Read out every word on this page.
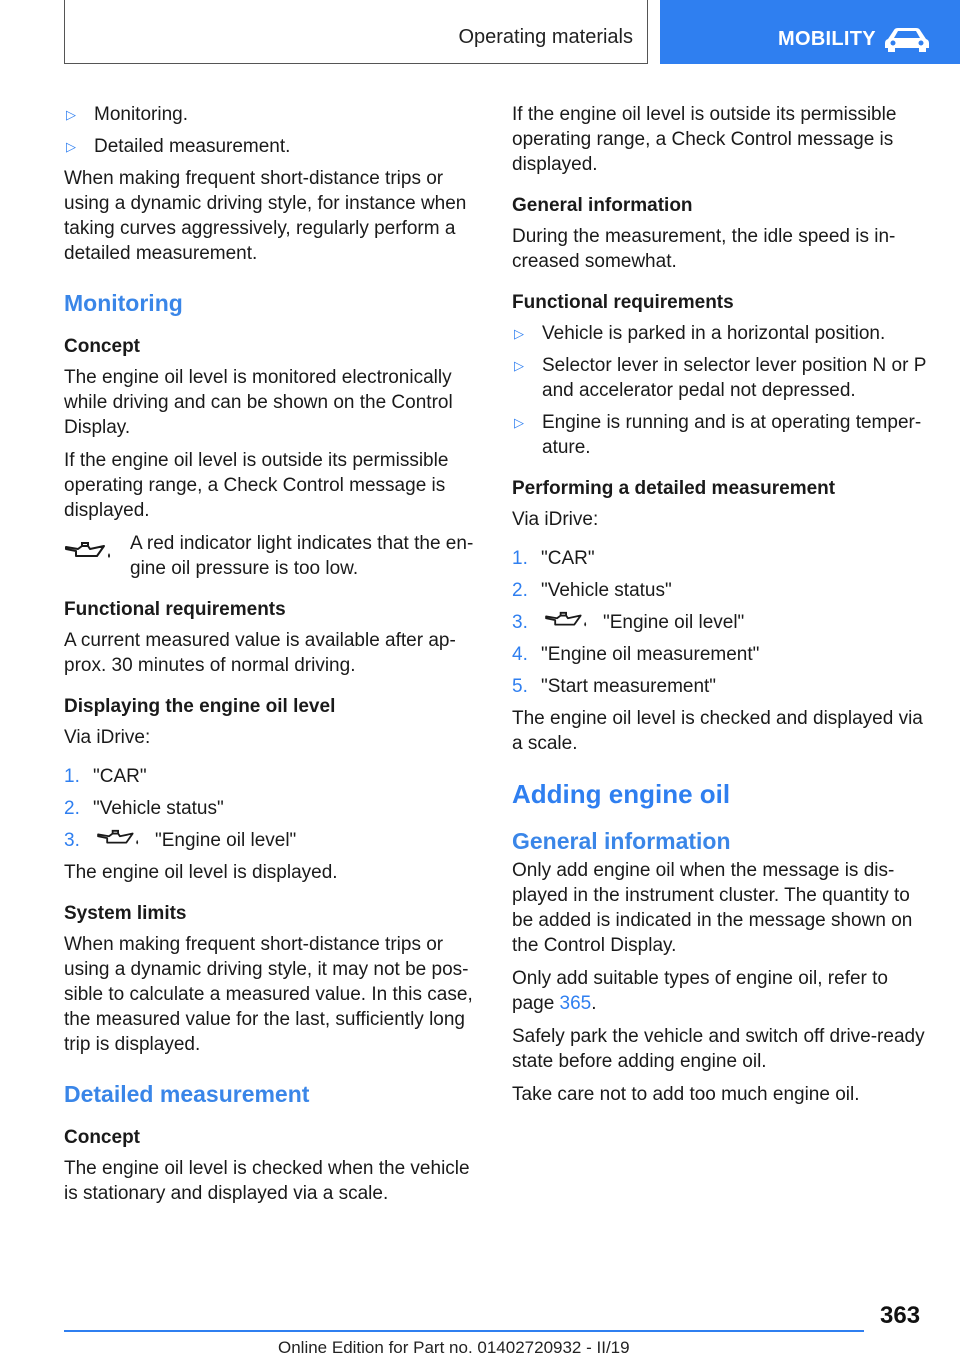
Operating materials	MOBILITY
▷ Monitoring.
▷ Detailed measurement.

When making frequent short-distance trips or using a dynamic driving style, for instance when taking curves aggressively, regularly perform a detailed measurement.

Monitoring
Concept

The engine oil level is monitored electronically while driving and can be shown on the Control Display.

If the engine oil level is outside its permissible operating range, a Check Control message is displayed.

A red indicator light indicates that the engine oil pressure is too low.

Functional requirements

A current measured value is available after approx. 30 minutes of normal driving.

Displaying the engine oil level

Via iDrive:

1. "CAR"
2. "Vehicle status"
3.	"Engine oil level"

The engine oil level is displayed.

System limits

When making frequent short-distance trips or using a dynamic driving style, it may not be possible to calculate a measured value. In this case, the measured value for the last, sufficiently long trip is displayed.

Detailed measurement
Concept

The engine oil level is checked when the vehicle is stationary and displayed via a scale.

If the engine oil level is outside its permissible operating range, a Check Control message is displayed.

General information

During the measurement, the idle speed is increased somewhat.

Functional requirements
▷ Vehicle is parked in a horizontal position.
▷ Selector lever in selector lever position N or P and accelerator pedal not depressed.
▷ Engine is running and is at operating temperature.
Performing a detailed measurement

Via iDrive:

1. "CAR"
2. "Vehicle status"
3.	"Engine oil level"
4. "Engine oil measurement"
5. "Start measurement"

The engine oil level is checked and displayed via a scale.

Adding engine oil
General information

Only add engine oil when the message is displayed in the instrument cluster. The quantity to be added is indicated in the message shown on the Control Display.

Only add suitable types of engine oil, refer to page 365.

Safely park the vehicle and switch off drive-ready state before adding engine oil.

Take care not to add too much engine oil.

363
Online Edition for Part no. 01402720932 - II/19
